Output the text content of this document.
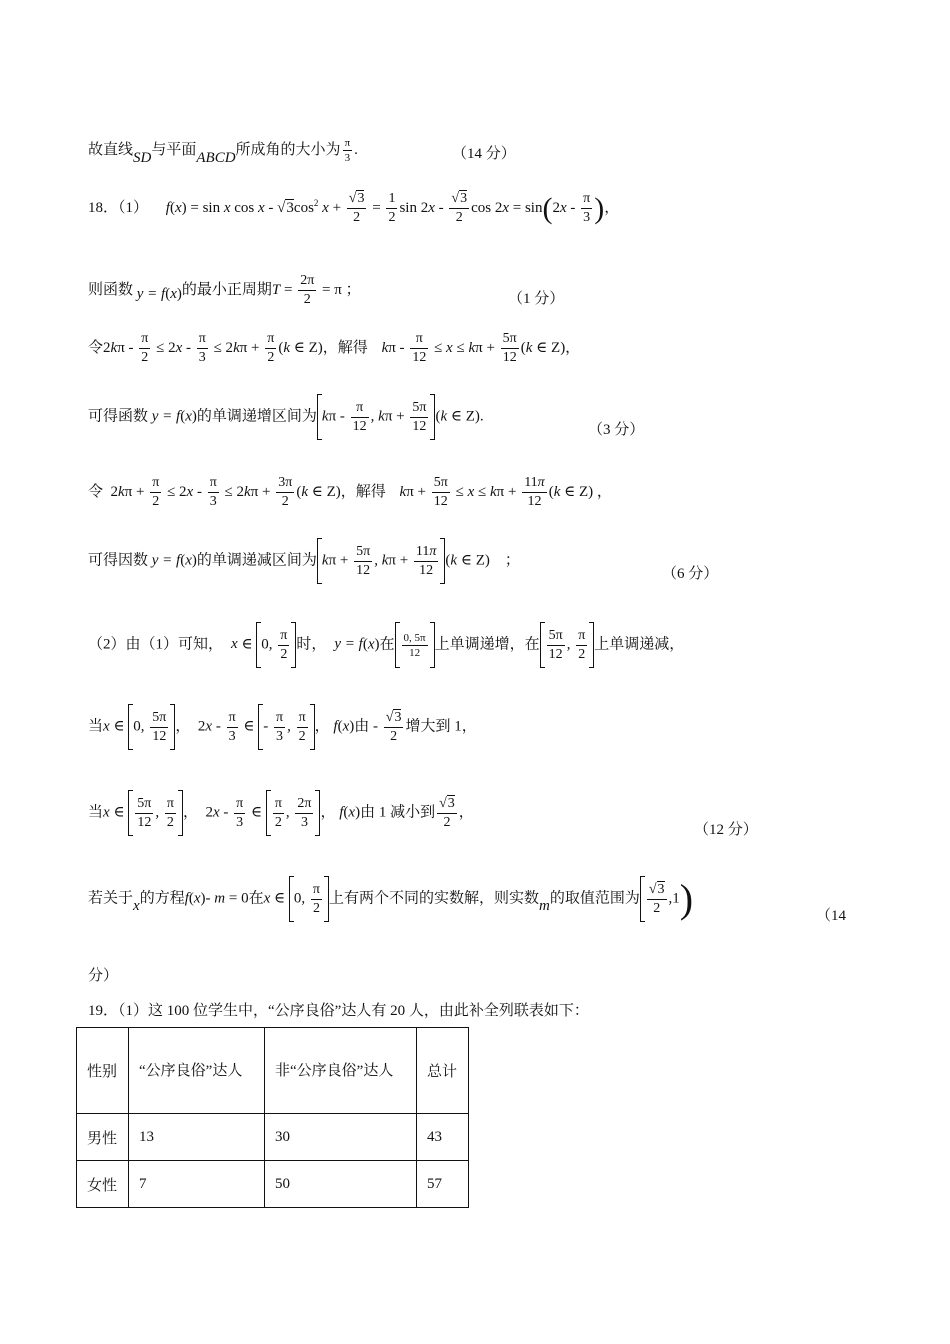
故直线SD与平面ABCD所成角的大小为 $\frac{\pi}{3}$ .	（14 分）
18．（1） f(x) = sin x cos x - $√3\cos^2$ $x + \frac{√3}{2} = \frac{1}{2}$ $\sin 2x - \frac{√3}{2}$ $\cos 2x = \sin(2x - \frac{\pi}{3}$ )，
则函数 y = f(x)的最小正周期$T = \frac{2\pi}{2} = \pi$ ；
（1 分）
令$2k\pi - \frac{\pi}{2} \le 2x - \frac{\pi}{3} \le 2k\pi + \frac{\pi}{2} (k$ ∈ Z)，解得 $k\pi - \frac{\pi}{12} \le x \le k\pi + \frac{5\pi}{12} (k$ ∈ Z)，
可得函数 y = f(x)的单调递增区间为 kπ - $\frac{\pi}{12}$ , $k\pi + \frac{5\pi}{12} (k$ ∈ Z).
（3 分）
令  $2k\pi + \frac{\pi}{2} \le 2x - \frac{\pi}{3} \le 2k\pi + \frac{3\pi}{2} (k$ ∈ Z)，解得 $k\pi + \frac{5\pi}{12} \le x \le k\pi + \frac{11\pi}{12} (k$ ∈ Z) ，
可得因数 y = f(x)的单调递减区间为 $k\pi + \frac{5\pi}{12}$ , $k\pi + \frac{11\pi}{12} (k$ ∈ Z)    ；
（6 分）
（2）由（1）可知， x ∈ 0, $\frac{\pi}{2}$ 时， y = f(x)在 $\frac{0, 5\pi}{12}$ 上单调递增，在 $\frac{5\pi}{12}$ , $\frac{\pi}{2}$ 上单调递减，
当x ∈ 0, $\frac{5\pi}{12}$ ，  $2x - \frac{\pi}{3}$ ∈ - $\frac{\pi}{3}$ , $\frac{\pi}{2}$ ， f(x)由 - $\frac{√3}{2}$ 增大到 1，
当x ∈ $\frac{5\pi}{12}$ , $\frac{\pi}{2}$ ，  $2x - \frac{\pi}{3}$ ∈ $\frac{\pi}{2}$ , $\frac{2\pi}{3}$ ， f(x)由 1 减小到 $\frac{√3}{2}$ ，
（12 分）
若关于x的方程f(x)- m = 0在x ∈ 0, $\frac{\pi}{2}$ 上有两个不同的实数解，则实数m的取值范围为 $\frac{√3}{2} ,1$)	（14
分）
19．（1）这 100 位学生中，“公序良俗”达人有 20 人，由此补全列联表如下：
性别	“公序良俗”达人	非“公序良俗”达人	总计
男性	13	30	43
女性	7	50	57
